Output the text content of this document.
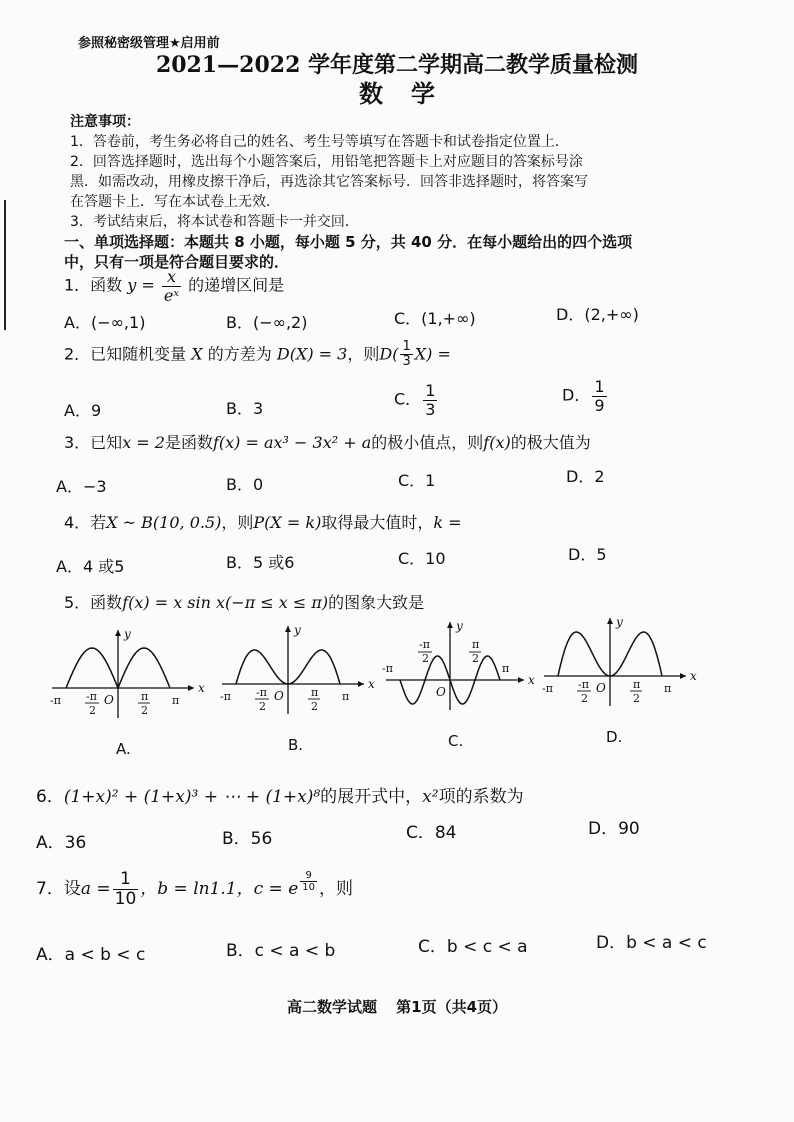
参照秘密级管理★启用前
2021—2022 学年度第二学期高二教学质量检测
数学
注意事项：
1．答卷前，考生务必将自己的姓名、考生号等填写在答题卡和试卷指定位置上．
2．回答选择题时，选出每个小题答案后，用铅笔把答题卡上对应题目的答案标号涂
黑．如需改动，用橡皮擦干净后，再选涂其它答案标号．回答非选择题时，将答案写
在答题卡上．写在本试卷上无效．
3．考试结束后，将本试卷和答题卡一并交回．
一、单项选择题：本题共 8 小题，每小题 5 分，共 40 分．在每小题给出的四个选项
中，只有一项是符合题目要求的．
1．函数 $y = \frac{x}{\text{eˣ}}$ 的递增区间是
A．(−∞,1)	B．(−∞,2)	C．(1,+∞)	D．(2,+∞)
2．已知随机变量 X 的方差为 D(X) = 3，则$D( \frac{1}{3} X)$ =
A．9	B．3	C． $\frac{1}{3}$	D． $\frac{1}{9}$
3．已知x = 2是函数f(x) = ax³ − 3x² + a的极小值点，则f(x)的极大值为
A．−3	B．0	C．1	D．2
4．若X ~ B(10, 0.5)，则P(X = k)取得最大值时，k =
A．4 或5	B．5 或6	C．10	D．5
5．函数f(x) = x sin x(−π ≤ x ≤ π)的图象大致是
y
x
O
-π -π
2
π
2
π
y
x
O
-π -π
2
π
2
π
y
x
O
-π
-π
2
π
2
π
y
x
O
-π -π
2
π
2
π
A.	B.	C.	D.
6．(1+x)² + (1+x)³ + ⋯ + (1+x)⁸的展开式中，x²项的系数为
A．36	B．56	C．84	D．90
7．设$a = \frac{1}{10}$ ，b = ln1.1，c = e $\frac{9}{10}$ ，则
A．a < b < c	B．c < a < b	C．b < c < a	D．b < a < c
高二数学试题 第1页（共4页）
